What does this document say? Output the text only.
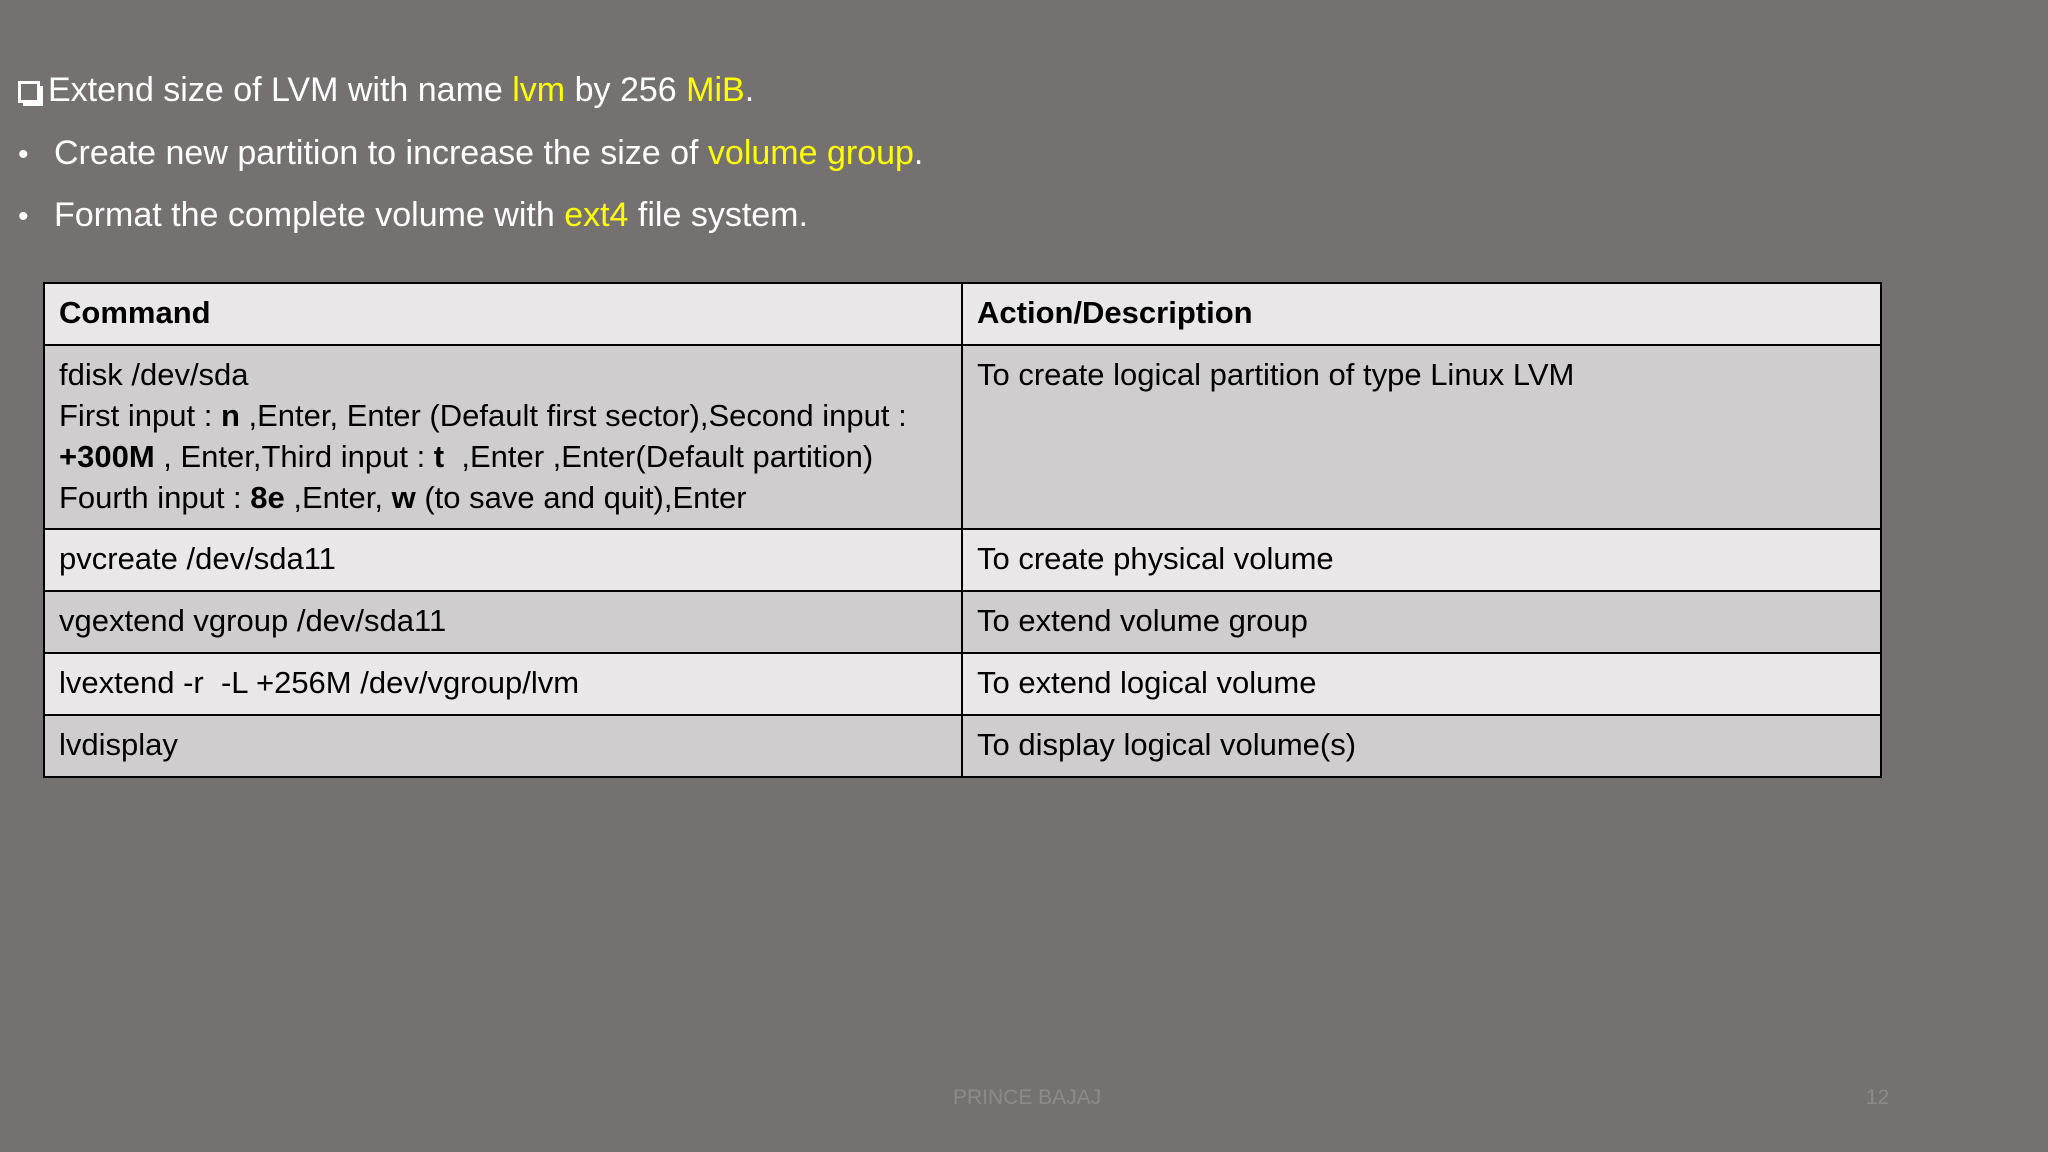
Extend size of LVM with name lvm by 256 MiB.
• Create new partition to increase the size of volume group.
• Format the complete volume with ext4 file system.
Command	Action/Description

fdisk /dev/sda
First input : n ,Enter, Enter (Default first sector),Second input :
+300M , Enter,Third input : t  ,Enter ,Enter(Default partition)
Fourth input : 8e ,Enter, w (to save and quit),Enter	To create logical partition of type Linux LVM
pvcreate /dev/sda11	To create physical volume
vgextend vgroup /dev/sda11	To extend volume group
lvextend -r  -L +256M /dev/vgroup/lvm	To extend logical volume
lvdisplay	To display logical volume(s)
PRINCE BAJAJ	12
